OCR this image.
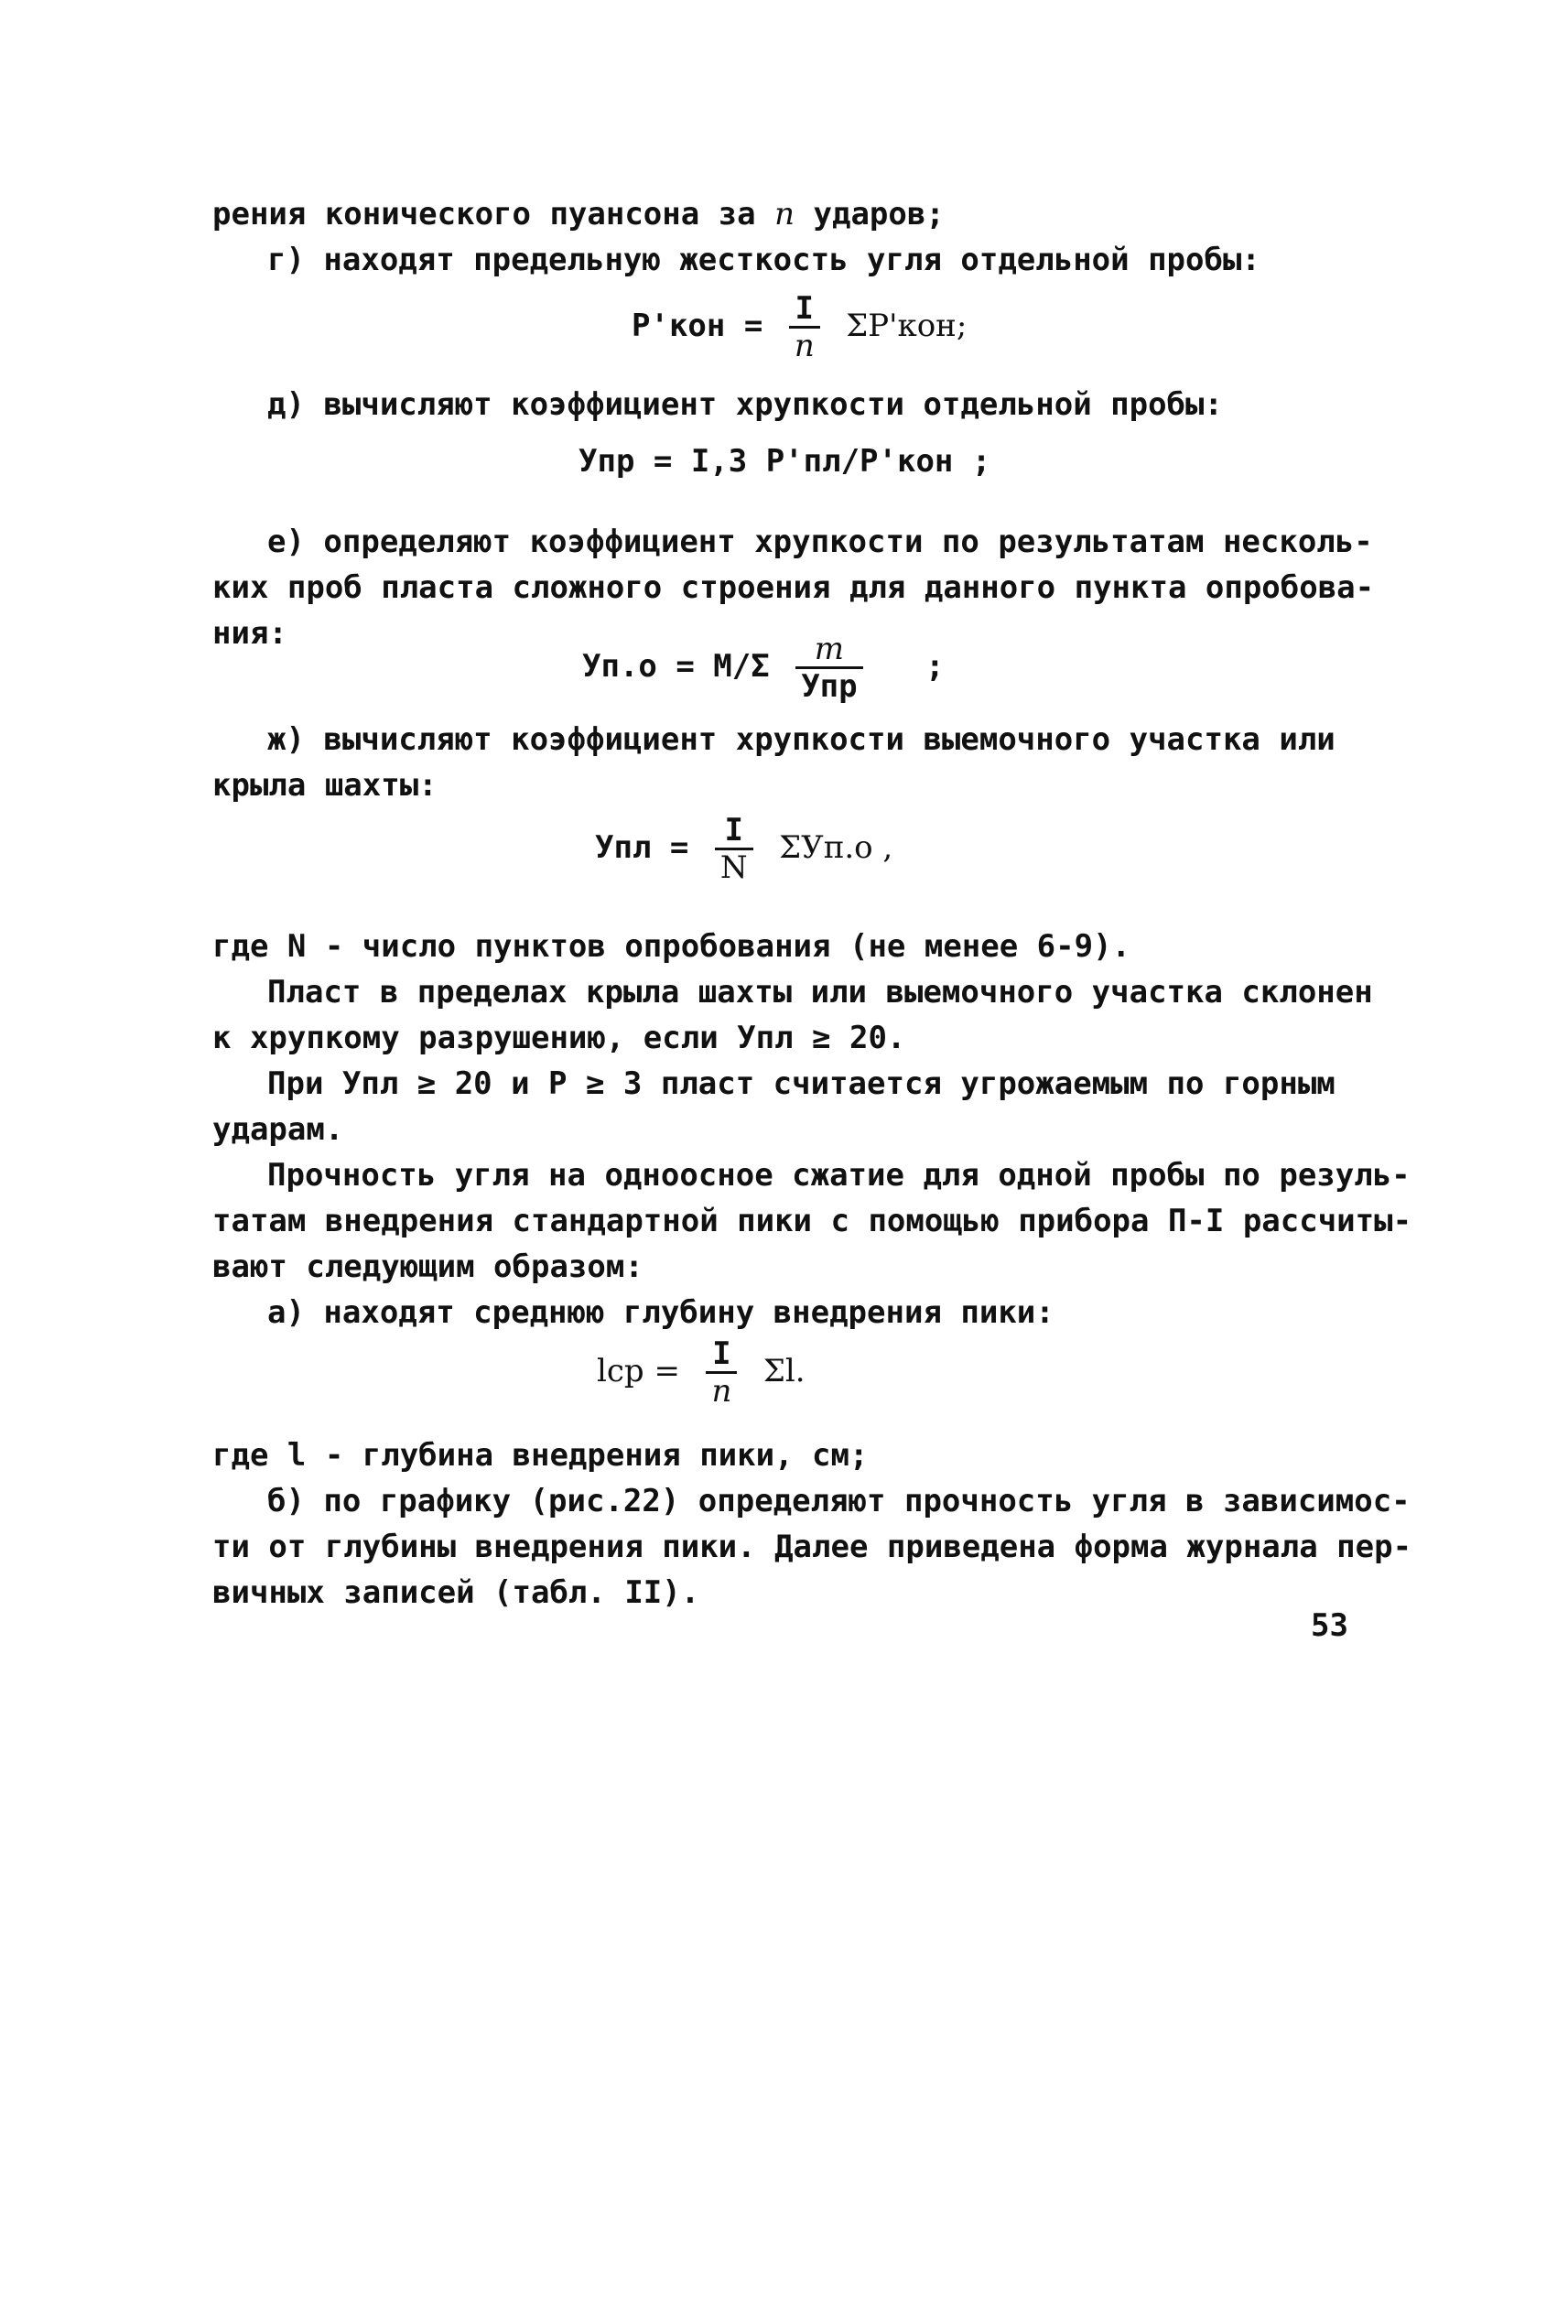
рения конического пуансона за n ударов;
г) находят предельную жесткость угля отдельной пробы:
$P'кон = \frac{I}{n} \Sigma P'кон$;
д) вычисляют коэффициент хрупкости отдельной пробы:
Упр = I,3 P'пл/P'кон ;
е) определяют коэффициент хрупкости по результатам несколь-
ких проб пласта сложного строения для данного пункта опробова-
ния:
$Уп.о = М/\Sigma \frac{m}{\text{Упр}}$ ;
ж) вычисляют коэффициент хрупкости выемочного участка или
крыла шахты:
Упл = $\frac{I}{N} \Sigma Уп.о$ ,
где N - число пунктов опробования (не менее 6-9).
Пласт в пределах крыла шахты или выемочного участка склонен
к хрупкому разрушению, если Упл ≥ 20.
При Упл ≥ 20 и Р ≥ 3 пласт считается угрожаемым по горным
ударам.
Прочность угля на одноосное сжатие для одной пробы по резуль-
татам внедрения стандартной пики с помощью прибора П-I рассчиты-
вают следующим образом:
а) находят среднюю глубину внедрения пики:
lср = $\frac{I}{n} \Sigma l$.
где l - глубина внедрения пики, см;
б) по графику (рис.22) определяют прочность угля в зависимос-
ти от глубины внедрения пики. Далее приведена форма журнала пер-
вичных записей (табл. II).
53
